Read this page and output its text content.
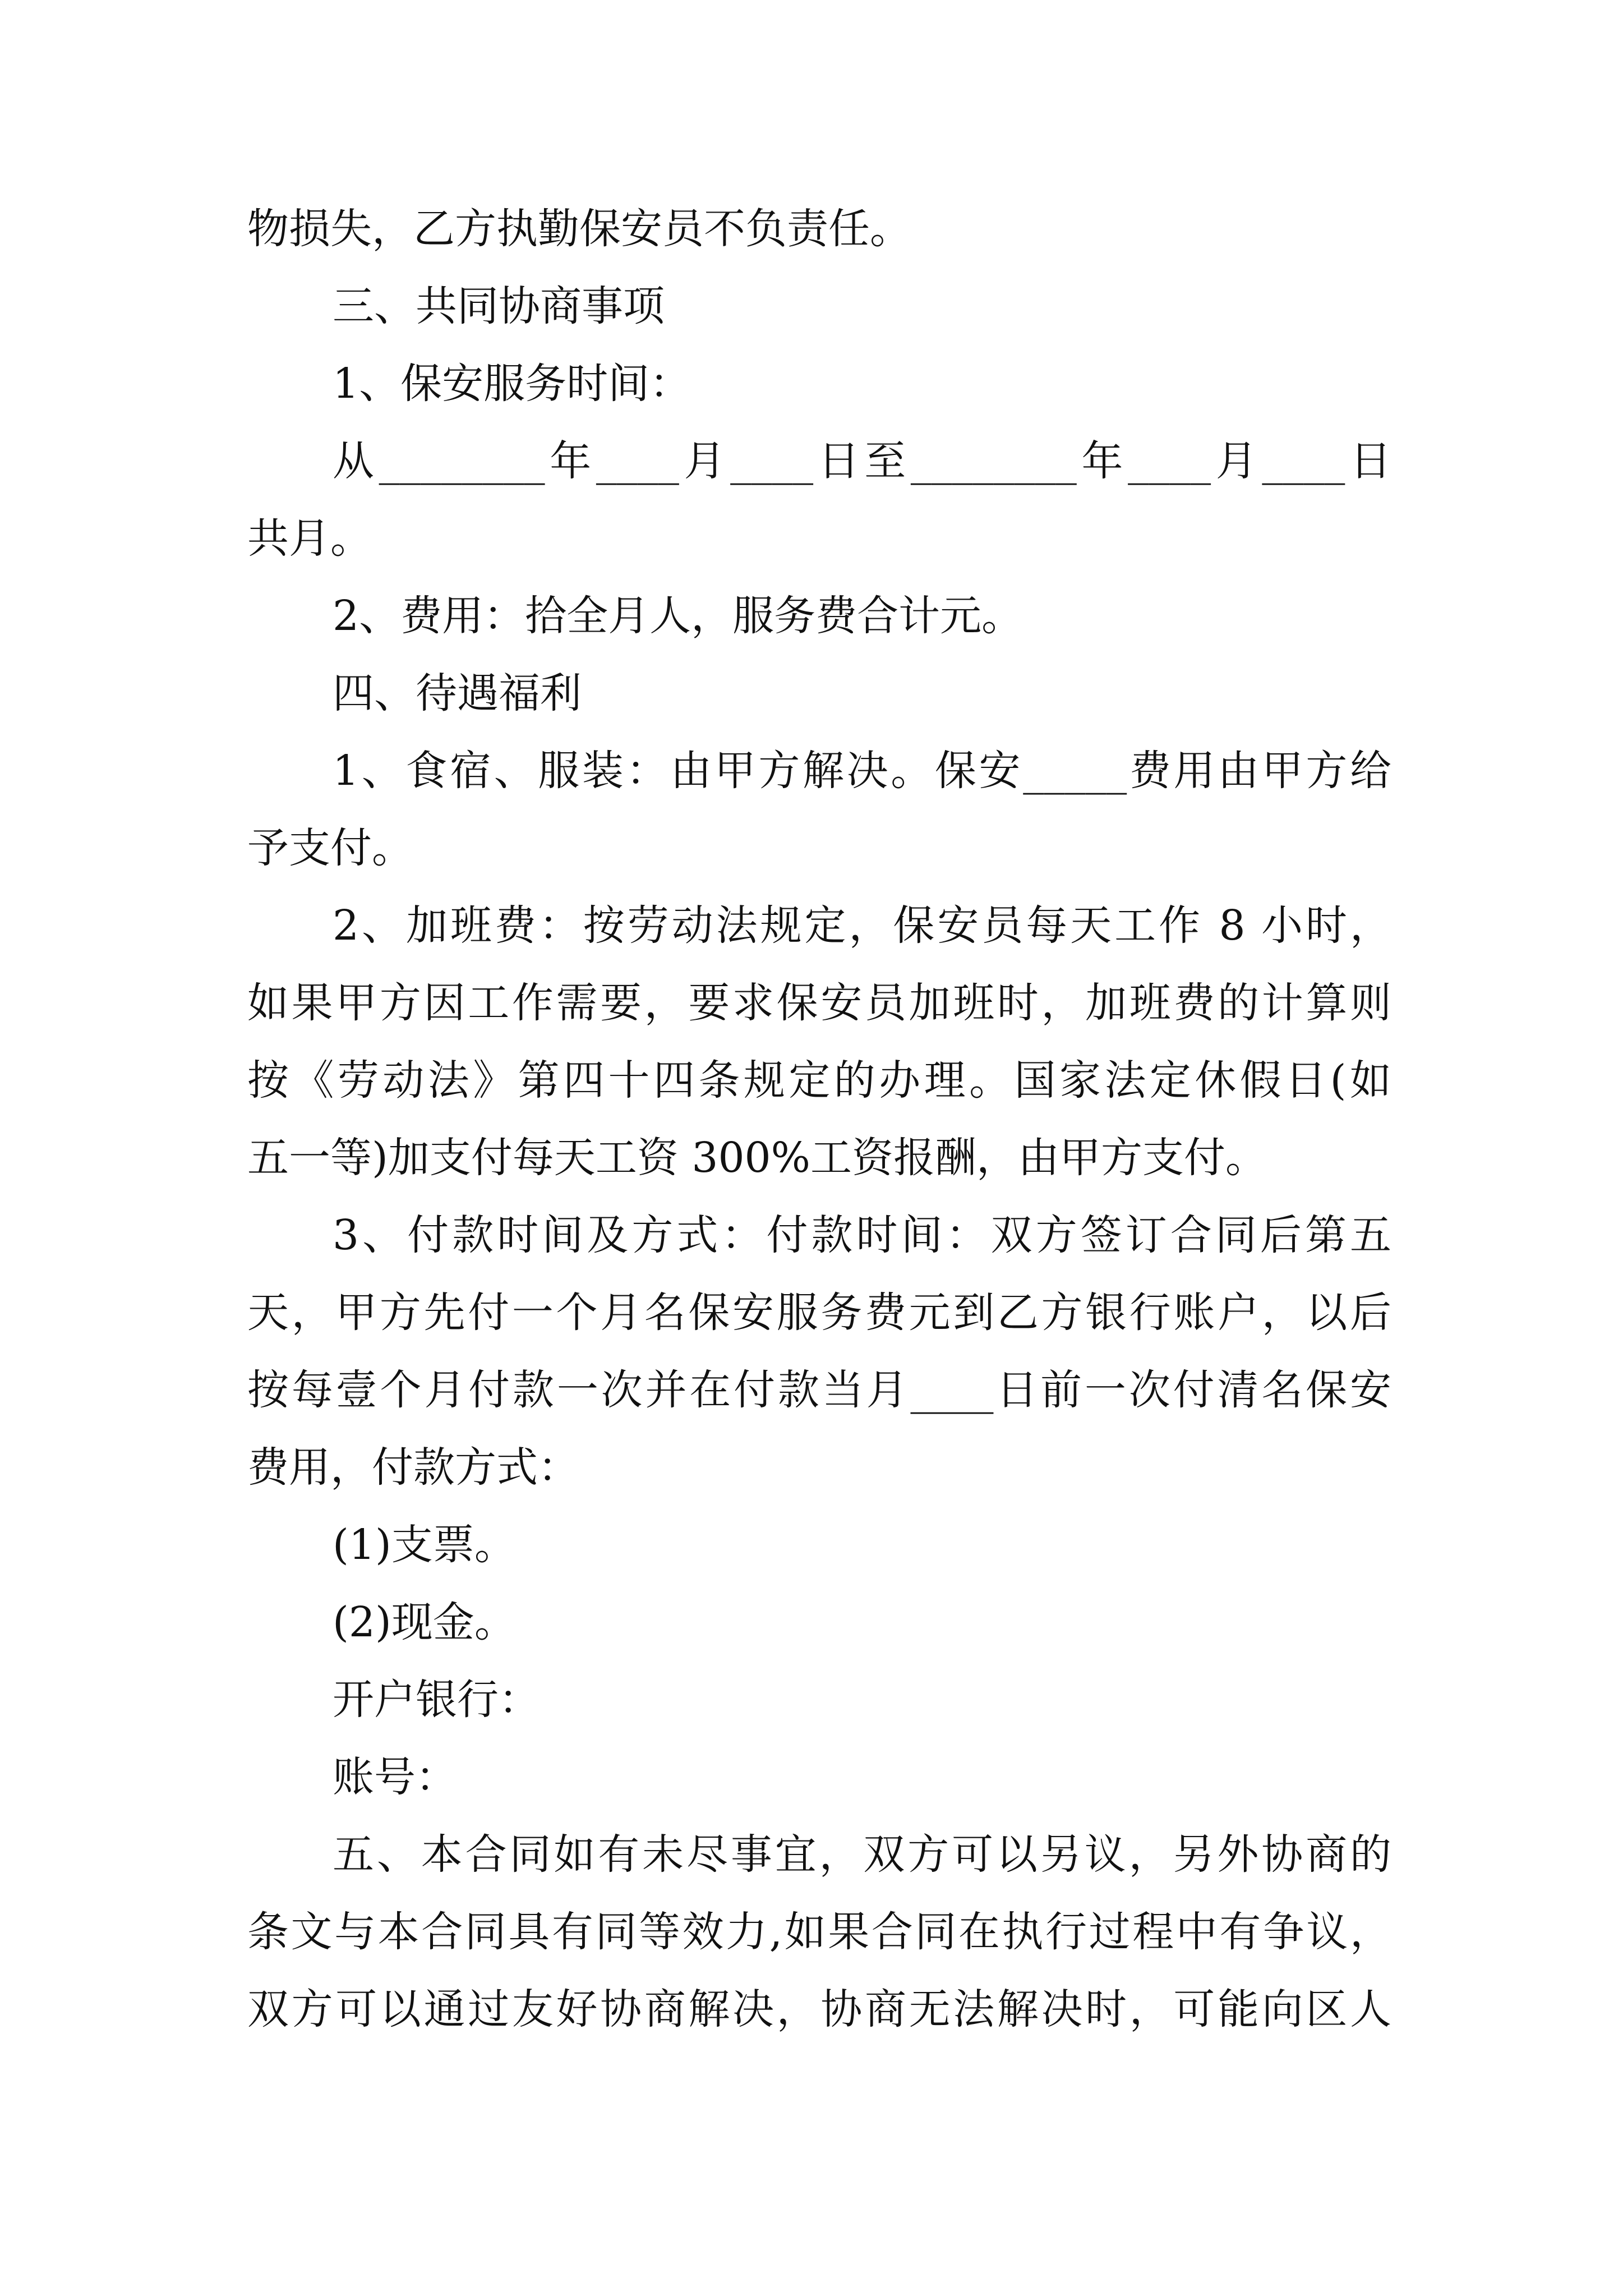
物损失，乙方执勤保安员不负责任。
三、共同协商事项
1、保安服务时间：
从________年____月____日至________年____月____日
共月。
2、费用：拾全月人，服务费合计元。
四、待遇福利
1、食宿、服装：由甲方解决。保安_____费用由甲方给
予支付。
2、加班费：按劳动法规定，保安员每天工作 8 小时，
如果甲方因工作需要，要求保安员加班时，加班费的计算则
按《劳动法》第四十四条规定的办理。国家法定休假日(如
五一等)加支付每天工资 300%工资报酬，由甲方支付。
3、付款时间及方式：付款时间：双方签订合同后第五
天，甲方先付一个月名保安服务费元到乙方银行账户，以后
按每壹个月付款一次并在付款当月____日前一次付清名保安
费用，付款方式：
(1)支票。
(2)现金。
开户银行：
账号：
五、本合同如有未尽事宜，双方可以另议，另外协商的
条文与本合同具有同等效力,如果合同在执行过程中有争议，
双方可以通过友好协商解决，协商无法解决时，可能向区人
